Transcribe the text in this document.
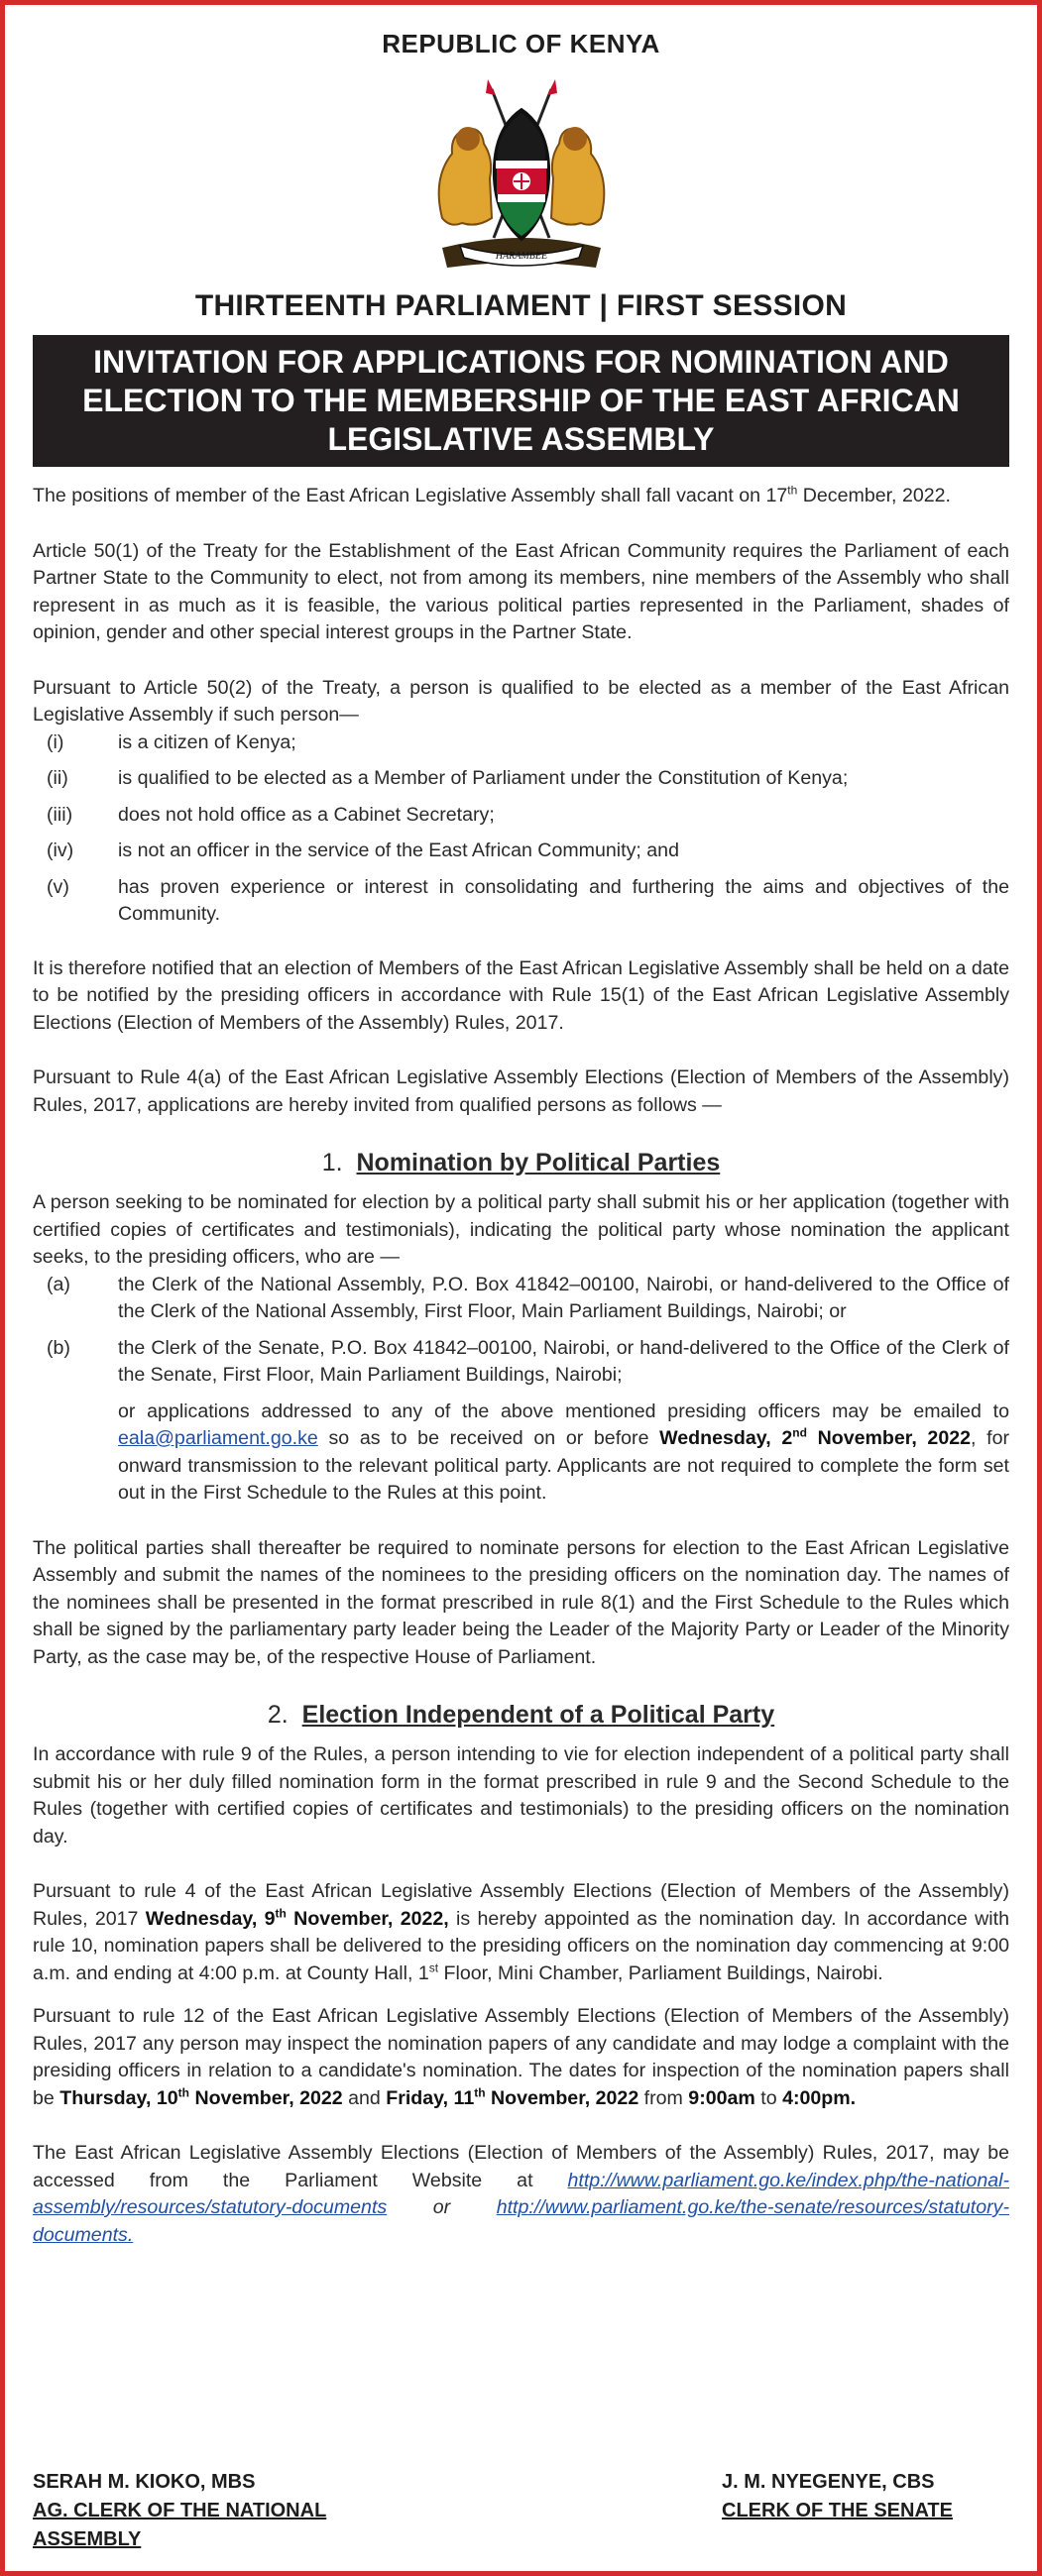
REPUBLIC OF KENYA
HARAMBEE
THIRTEENTH PARLIAMENT | FIRST SESSION
INVITATION FOR APPLICATIONS FOR NOMINATION AND ELECTION TO THE MEMBERSHIP OF THE EAST AFRICAN LEGISLATIVE ASSEMBLY

The positions of member of the East African Legislative Assembly shall fall vacant on 17th December, 2022.

Article 50(1) of the Treaty for the Establishment of the East African Community requires the Parliament of each Partner State to the Community to elect, not from among its members, nine members of the Assembly who shall represent in as much as it is feasible, the various political parties represented in the Parliament, shades of opinion, gender and other special interest groups in the Partner State.

Pursuant to Article 50(2) of the Treaty, a person is qualified to be elected as a member of the East African Legislative Assembly if such person—

(i)	is a citizen of Kenya;
(ii)	is qualified to be elected as a Member of Parliament under the Constitution of Kenya;
(iii)	does not hold office as a Cabinet Secretary;
(iv)	is not an officer in the service of the East African Community; and
(v)	has proven experience or interest in consolidating and furthering the aims and objectives of the Community.

It is therefore notified that an election of Members of the East African Legislative Assembly shall be held on a date to be notified by the presiding officers in accordance with Rule 15(1) of the East African Legislative Assembly Elections (Election of Members of the Assembly) Rules, 2017.

Pursuant to Rule 4(a) of the East African Legislative Assembly Elections (Election of Members of the Assembly) Rules, 2017, applications are hereby invited from qualified persons as follows —

1. Nomination by Political Parties

A person seeking to be nominated for election by a political party shall submit his or her application (together with certified copies of certificates and testimonials), indicating the political party whose nomination the applicant seeks, to the presiding officers, who are —

(a)	the Clerk of the National Assembly, P.O. Box 41842–00100, Nairobi, or hand-delivered to the Office of the Clerk of the National Assembly, First Floor, Main Parliament Buildings, Nairobi; or
(b)	the Clerk of the Senate, P.O. Box 41842–00100, Nairobi, or hand-delivered to the Office of the Clerk of the Senate, First Floor, Main Parliament Buildings, Nairobi;

or applications addressed to any of the above mentioned presiding officers may be emailed to eala@parliament.go.ke so as to be received on or before Wednesday, 2nd November, 2022, for onward transmission to the relevant political party. Applicants are not required to complete the form set out in the First Schedule to the Rules at this point.

The political parties shall thereafter be required to nominate persons for election to the East African Legislative Assembly and submit the names of the nominees to the presiding officers on the nomination day. The names of the nominees shall be presented in the format prescribed in rule 8(1) and the First Schedule to the Rules which shall be signed by the parliamentary party leader being the Leader of the Majority Party or Leader of the Minority Party, as the case may be, of the respective House of Parliament.

2. Election Independent of a Political Party

In accordance with rule 9 of the Rules, a person intending to vie for election independent of a political party shall submit his or her duly filled nomination form in the format prescribed in rule 9 and the Second Schedule to the Rules (together with certified copies of certificates and testimonials) to the presiding officers on the nomination day.

Pursuant to rule 4 of the East African Legislative Assembly Elections (Election of Members of the Assembly) Rules, 2017 Wednesday, 9th November, 2022, is hereby appointed as the nomination day. In accordance with rule 10, nomination papers shall be delivered to the presiding officers on the nomination day commencing at 9:00 a.m. and ending at 4:00 p.m. at County Hall, 1st Floor, Mini Chamber, Parliament Buildings, Nairobi.

Pursuant to rule 12 of the East African Legislative Assembly Elections (Election of Members of the Assembly) Rules, 2017 any person may inspect the nomination papers of any candidate and may lodge a complaint with the presiding officers in relation to a candidate's nomination. The dates for inspection of the nomination papers shall be Thursday, 10th November, 2022 and Friday, 11th November, 2022 from 9:00am to 4:00pm.

The East African Legislative Assembly Elections (Election of Members of the Assembly) Rules, 2017, may be accessed from the Parliament Website at http://www.parliament.go.ke/index.php/the-national-assembly/resources/statutory-documents or http://www.parliament.go.ke/the-senate/resources/statutory-documents.

SERAH M. KIOKO, MBS
AG. CLERK OF THE NATIONAL
ASSEMBLY
J. M. NYEGENYE, CBS
CLERK OF THE SENATE
